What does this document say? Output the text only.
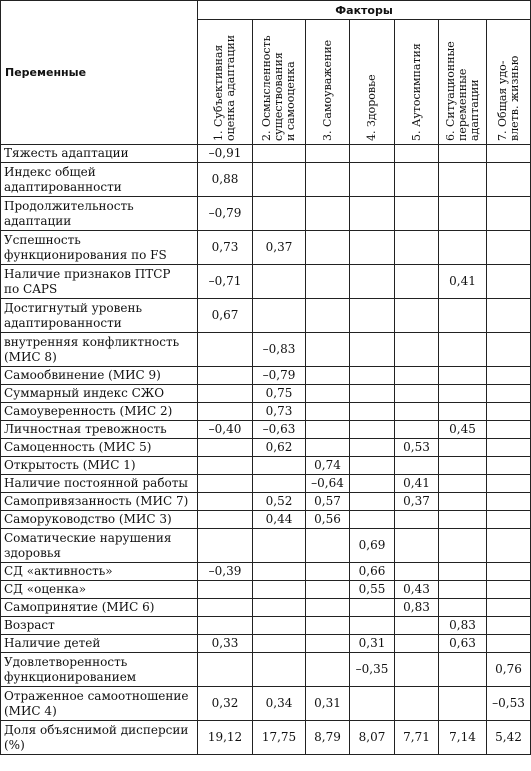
Переменные	Факторы						

	1. Субъективная
оценка адаптации	2. Осмысленность
существования
и самооценка	3. Самоуважение	4. Здоровье	5. Аутосимпатия	6. Ситуационные
переменные
адаптации	7. Общая удо-
влетв. жизнью

Тяжесть адаптации	–0,91						
Индекс общей
адаптированности	0,88						
Продолжительность
адаптации	–0,79						
Успешность
функционирования по FS	0,73	0,37					
Наличие признаков ПТСР
по CAPS	–0,71					0,41	
Достигнутый уровень
адаптированности	0,67						
внутренняя конфликтность
(МИС 8)		–0,83					
Самообвинение (МИС 9)		–0,79					
Суммарный индекс СЖО		0,75					
Самоуверенность (МИС 2)		0,73					
Личностная тревожность	–0,40	–0,63				0,45	
Самоценность (МИС 5)		0,62			0,53		
Открытость (МИС 1)			0,74				
Наличие постоянной работы			–0,64		0,41		
Самопривязанность (МИС 7)		0,52	0,57		0,37		
Саморуководство (МИС 3)		0,44	0,56				
Соматические нарушения
здоровья				0,69			
СД «активность»	–0,39			0,66			
СД «оценка»				0,55	0,43		
Самопринятие (МИС 6)					0,83		
Возраст						0,83	
Наличие детей	0,33			0,31		0,63	
Удовлетворенность
функционированием				–0,35			0,76
Отраженное самоотношение
(МИС 4)	0,32	0,34	0,31				–0,53
Доля объяснимой дисперсии
(%)	19,12	17,75	8,79	8,07	7,71	7,14	5,42
